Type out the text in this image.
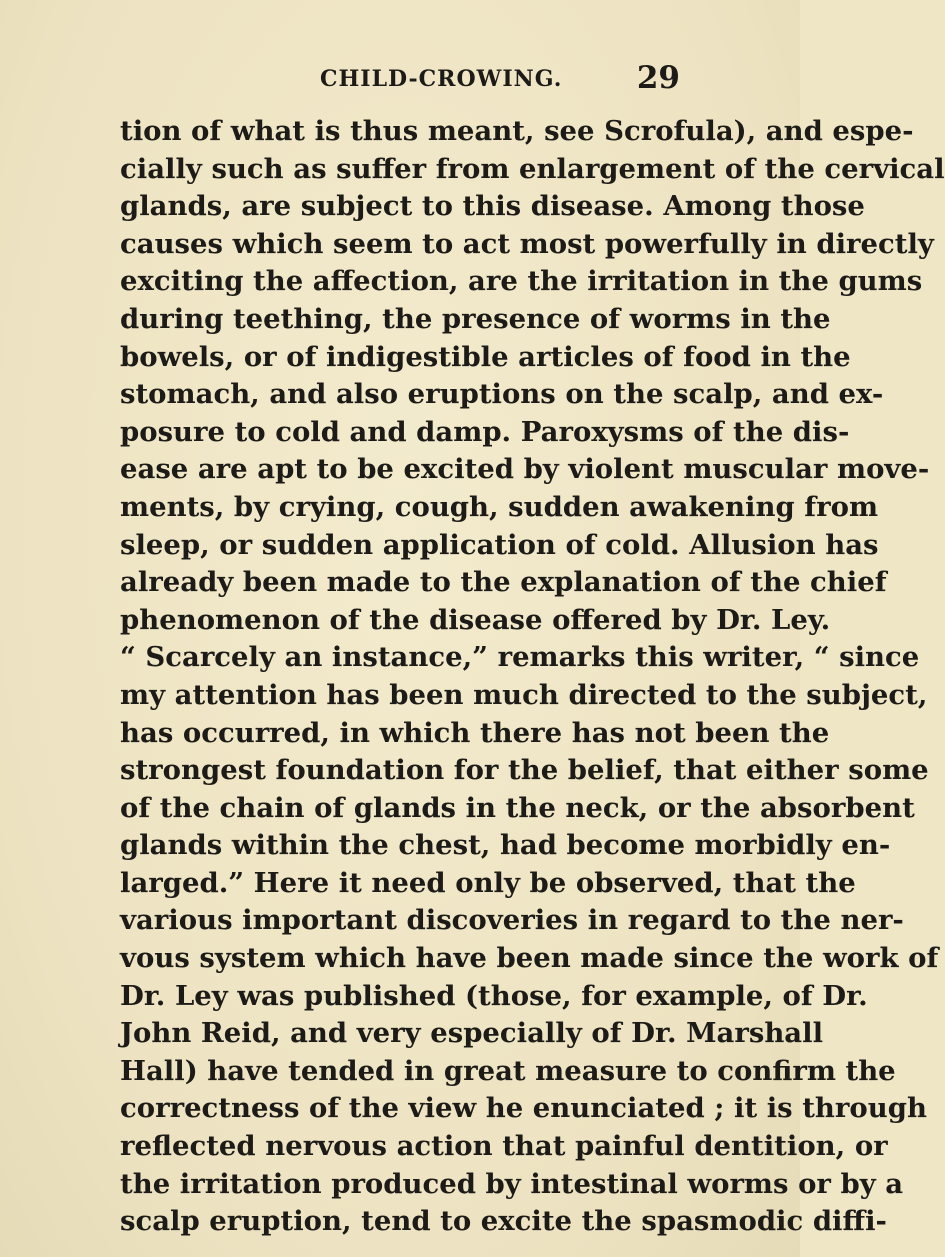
CHILD-CROWING. 29
tion of what is thus meant, see Scrofula), and espe-
cially such as suffer from enlargement of the cervical
glands, are subject to this disease. Among those
causes which seem to act most powerfully in directly
exciting the affection, are the irritation in the gums
during teething, the presence of worms in the
bowels, or of indigestible articles of food in the
stomach, and also eruptions on the scalp, and ex-
posure to cold and damp. Paroxysms of the dis-
ease are apt to be excited by violent muscular move-
ments, by crying, cough, sudden awakening from
sleep, or sudden application of cold. Allusion has
already been made to the explanation of the chief
phenomenon of the disease offered by Dr. Ley.
“ Scarcely an instance,” remarks this writer, “ since
my attention has been much directed to the subject,
has occurred, in which there has not been the
strongest foundation for the belief, that either some
of the chain of glands in the neck, or the absorbent
glands within the chest, had become morbidly en-
larged.” Here it need only be observed, that the
various important discoveries in regard to the ner-
vous system which have been made since the work of
Dr. Ley was published (those, for example, of Dr.
John Reid, and very especially of Dr. Marshall
Hall) have tended in great measure to confirm the
correctness of the view he enunciated ; it is through
reflected nervous action that painful dentition, or
the irritation produced by intestinal worms or by a
scalp eruption, tend to excite the spasmodic diffi-
